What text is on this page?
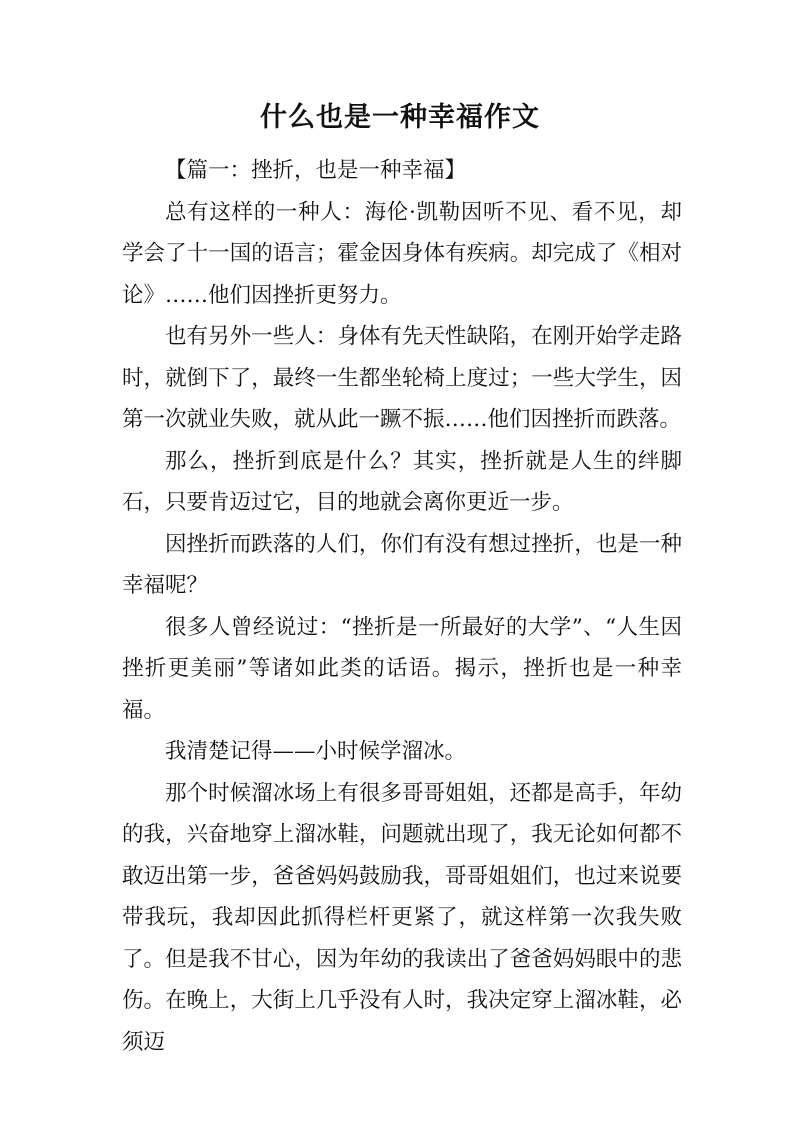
什么也是一种幸福作文

【篇一：挫折，也是一种幸福】

总有这样的一种人：海伦·凯勒因听不见、看不见，却学会了十一国的语言；霍金因身体有疾病。却完成了《相对论》……他们因挫折更努力。

也有另外一些人：身体有先天性缺陷，在刚开始学走路时，就倒下了，最终一生都坐轮椅上度过；一些大学生，因第一次就业失败，就从此一蹶不振……他们因挫折而跌落。

那么，挫折到底是什么？其实，挫折就是人生的绊脚石，只要肯迈过它，目的地就会离你更近一步。

因挫折而跌落的人们，你们有没有想过挫折，也是一种幸福呢？

很多人曾经说过：“挫折是一所最好的大学”、“人生因挫折更美丽”等诸如此类的话语。揭示，挫折也是一种幸福。

我清楚记得——小时候学溜冰。

那个时候溜冰场上有很多哥哥姐姐，还都是高手，年幼的我，兴奋地穿上溜冰鞋，问题就出现了，我无论如何都不敢迈出第一步，爸爸妈妈鼓励我，哥哥姐姐们，也过来说要带我玩，我却因此抓得栏杆更紧了，就这样第一次我失败了。但是我不甘心，因为年幼的我读出了爸爸妈妈眼中的悲伤。在晚上，大街上几乎没有人时，我决定穿上溜冰鞋，必须迈
